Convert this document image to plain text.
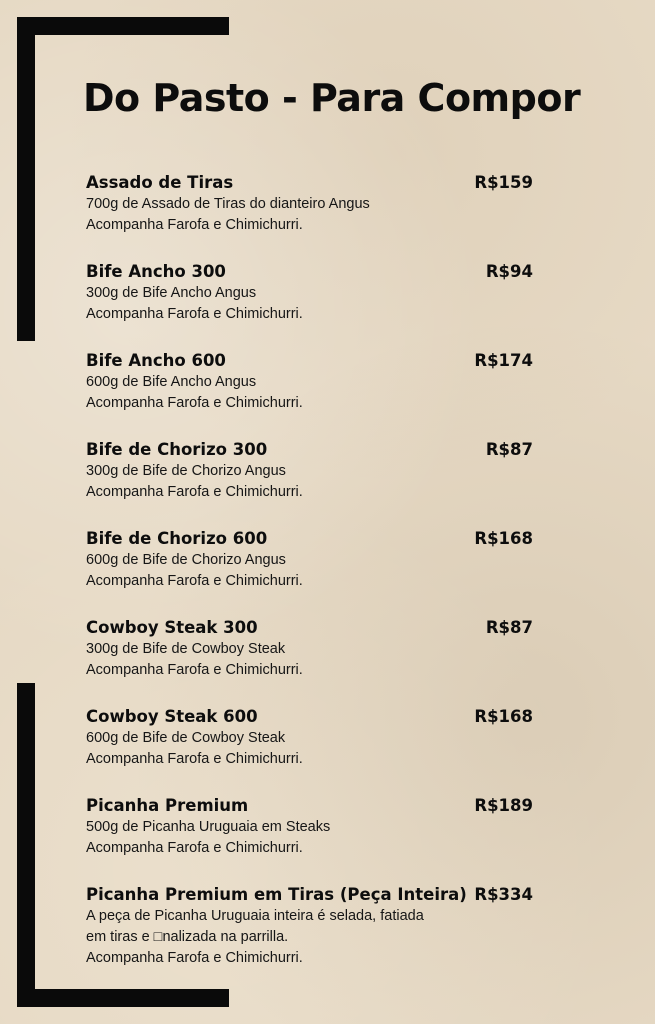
Do Pasto - Para Compor
Assado de Tiras	R$159
700g de Assado de Tiras do dianteiro Angus
Acompanha Farofa e Chimichurri.
Bife Ancho 300	R$94
300g de Bife Ancho Angus
Acompanha Farofa e Chimichurri.
Bife Ancho 600	R$174
600g de Bife Ancho Angus
Acompanha Farofa e Chimichurri.
Bife de Chorizo 300	R$87
300g de Bife de Chorizo Angus
Acompanha Farofa e Chimichurri.
Bife de Chorizo 600	R$168
600g de Bife de Chorizo Angus
Acompanha Farofa e Chimichurri.
Cowboy Steak 300	R$87
300g de Bife de Cowboy Steak
Acompanha Farofa e Chimichurri.
Cowboy Steak 600	R$168
600g de Bife de Cowboy Steak
Acompanha Farofa e Chimichurri.
Picanha Premium	R$189
500g de Picanha Uruguaia em Steaks
Acompanha Farofa e Chimichurri.
Picanha Premium em Tiras (Peça Inteira) R$334
A peça de Picanha Uruguaia inteira é selada, fatiada
em tiras e □nalizada na parrilla.
Acompanha Farofa e Chimichurri.
